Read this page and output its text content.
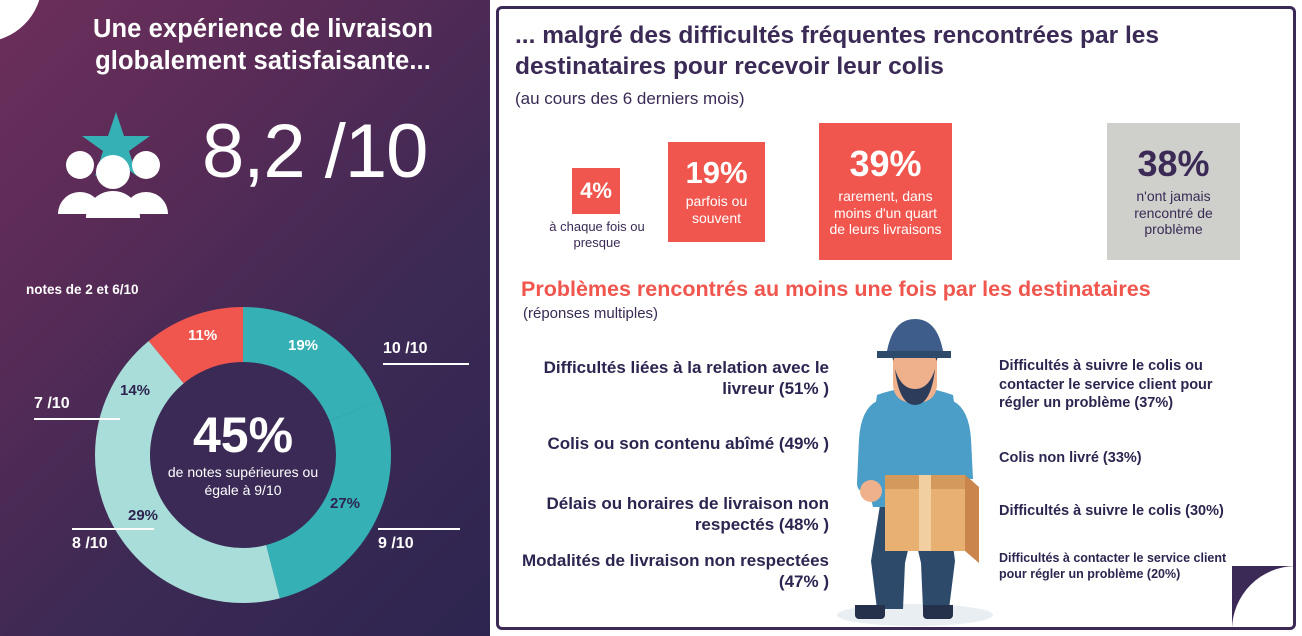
Une expérience de livraison globalement satisfaisante...
8,2 /10
notes de 2 et 6/10
45%
de notes supérieures ou égale à 9/10
11%
19%
27%
29%
14%
10 /10
7 /10
8 /10	9 /10
... malgré des difficultés fréquentes rencontrées par les destinataires pour recevoir leur colis
(au cours des 6 derniers mois)
4%
à chaque fois ou presque
19%
parfois ou souvent
39%
rarement, dans moins d'un quart de leurs livraisons
38%
n'ont jamais rencontré de problème
Problèmes rencontrés au moins une fois par les destinataires
(réponses multiples)
Difficultés liées à la relation avec le livreur (51% )
Colis ou son contenu abîmé (49% )
Délais ou horaires de livraison non respectés (48% )
Modalités de livraison non respectées (47% )
Difficultés à suivre le colis ou contacter le service client pour régler un problème (37%)
Colis non livré (33%)
Difficultés à suivre le colis (30%)
Difficultés à contacter le service client pour régler un problème (20%)
